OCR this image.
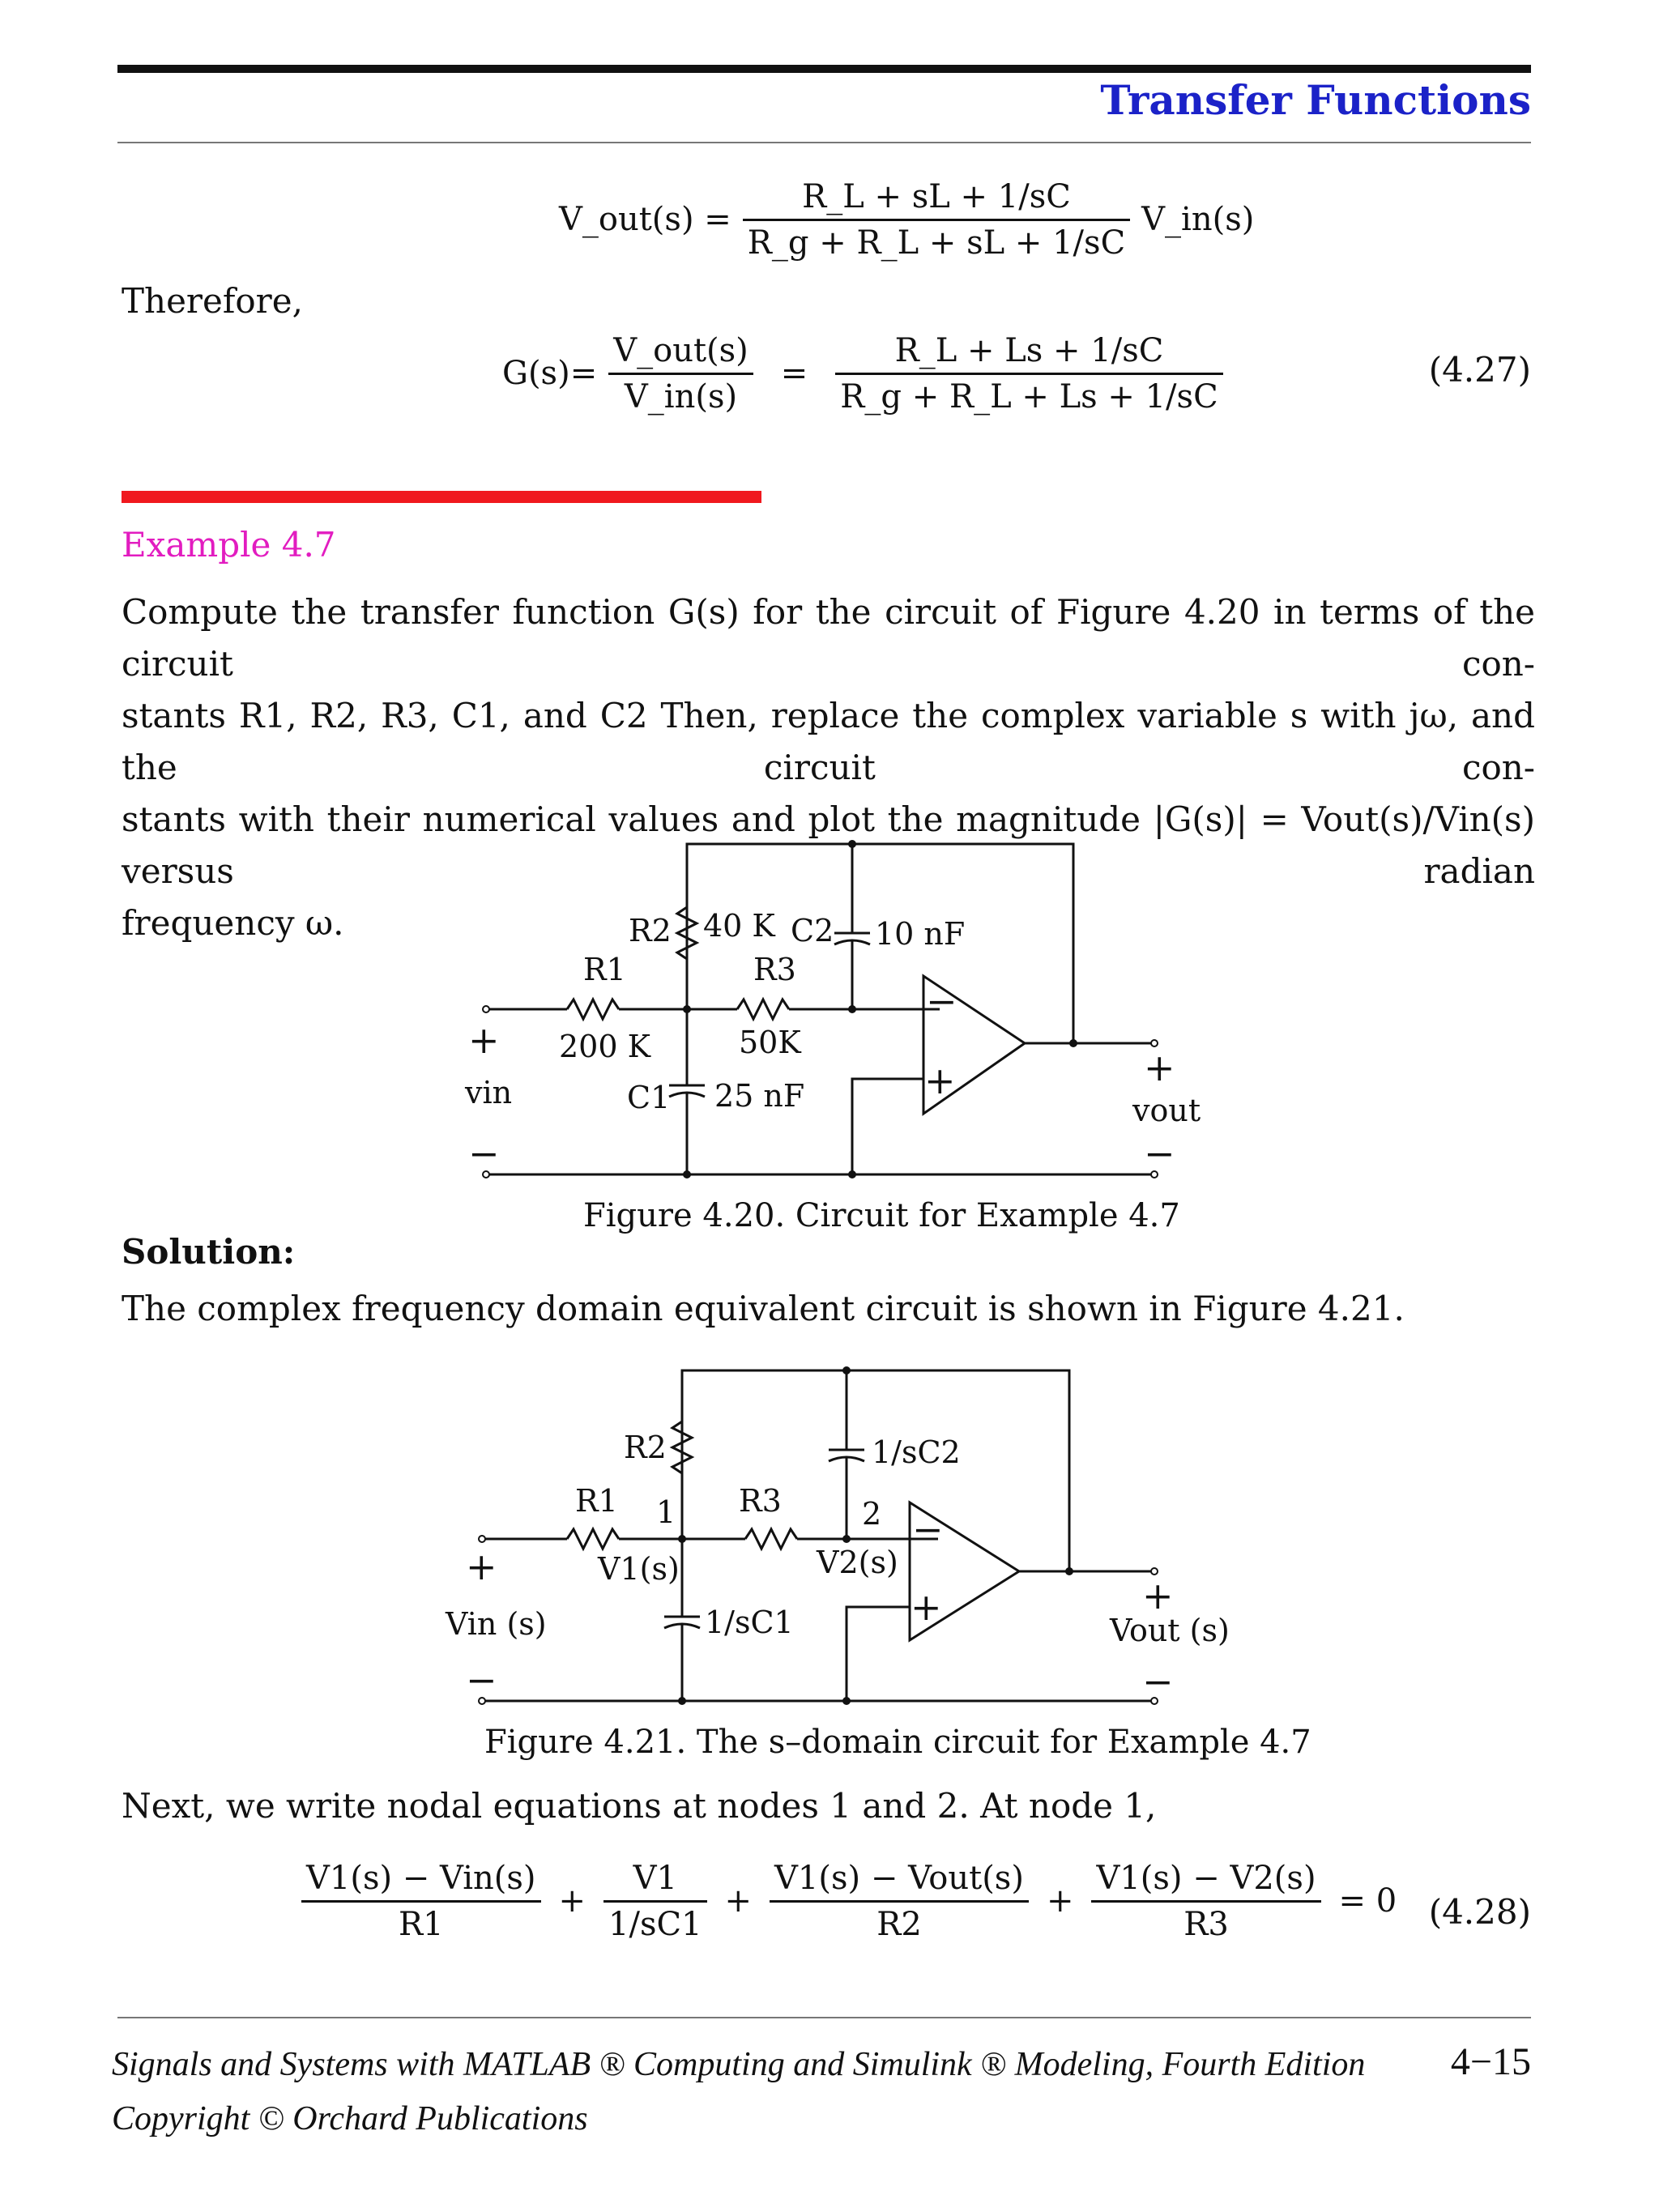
Transfer Functions
V_out(s) = $\frac{R\_L + sL + 1/sC}{R\_g + R\_L + sL + 1/sC}$ V_in(s)
Therefore,
$G(s)= \frac{\text{V\_out(s)}}{V\_in(s)} = \frac{R\_L + Ls + 1/sC}{R\_g + R\_L + Ls + 1/sC}$	(4.27)
Example 4.7
Compute the transfer function G(s) for the circuit of Figure 4.20 in terms of the circuit con-
stants R1, R2, R3, C1, and C2 Then, replace the complex variable s with jω, and the circuit con-
stants with their numerical values and plot the magnitude |G(s)| = Vout(s)/Vin(s) versus radian
frequency ω.
R1
200 K
R2 40 K
R3
50K
C2 10 nF
C1 25 nF
+
−
vin
+
−
vout
−
+
Figure 4.20. Circuit for Example 4.7
Solution:
The complex frequency domain equivalent circuit is shown in Figure 4.21.
R2
R1 1
V1(s)
R3	2
V2(s)
1/sC2
1/sC1
+
−
Vin (s)
+
−
Vout (s)
−
+
Figure 4.21. The s–domain circuit for Example 4.7
Next, we write nodal equations at nodes 1 and 2. At node 1,
$\frac{\text{V1(s) − Vin(s)}}{R1} + \frac{V1}{1/sC1} + \frac{\text{V1(s) − Vout(s)}}{R2} + \frac{V1(s) - V2(s)}{R3} = 0$ (4.28)
Signals and Systems with MATLAB ® Computing and Simulink ® Modeling, Fourth Edition
Copyright © Orchard Publications
4−15
